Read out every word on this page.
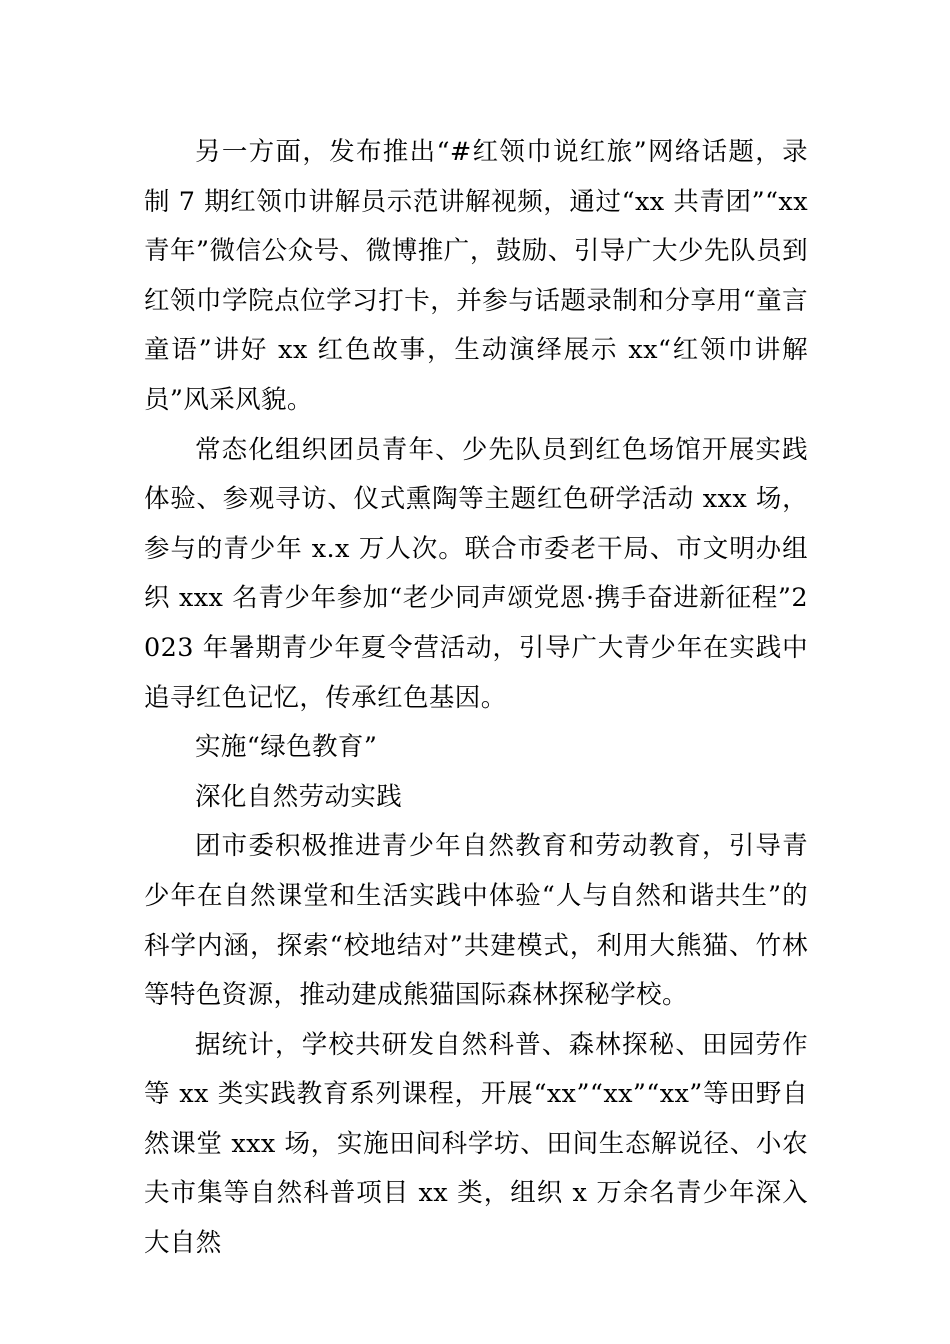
另一方面，发布推出“#红领巾说红旅”网络话题，录制 7 期红领巾讲解员示范讲解视频，通过“xx 共青团”“xx 青年”微信公众号、微博推广，鼓励、引导广大少先队员到红领巾学院点位学习打卡，并参与话题录制和分享用“童言童语”讲好 xx 红色故事，生动演绎展示 xx“红领巾讲解员”风采风貌。

常态化组织团员青年、少先队员到红色场馆开展实践体验、参观寻访、仪式熏陶等主题红色研学活动 xxx 场，参与的青少年 x.x 万人次。联合市委老干局、市文明办组织 xxx 名青少年参加“老少同声颂党恩·携手奋进新征程”2023 年暑期青少年夏令营活动，引导广大青少年在实践中追寻红色记忆，传承红色基因。

实施“绿色教育”

深化自然劳动实践

团市委积极推进青少年自然教育和劳动教育，引导青少年在自然课堂和生活实践中体验“人与自然和谐共生”的科学内涵，探索“校地结对”共建模式，利用大熊猫、竹林等特色资源，推动建成熊猫国际森林探秘学校。

据统计，学校共研发自然科普、森林探秘、田园劳作等 xx 类实践教育系列课程，开展“xx”“xx”“xx”等田野自然课堂 xxx 场，实施田间科学坊、田间生态解说径、小农夫市集等自然科普项目 xx 类，组织 x 万余名青少年深入大自然
